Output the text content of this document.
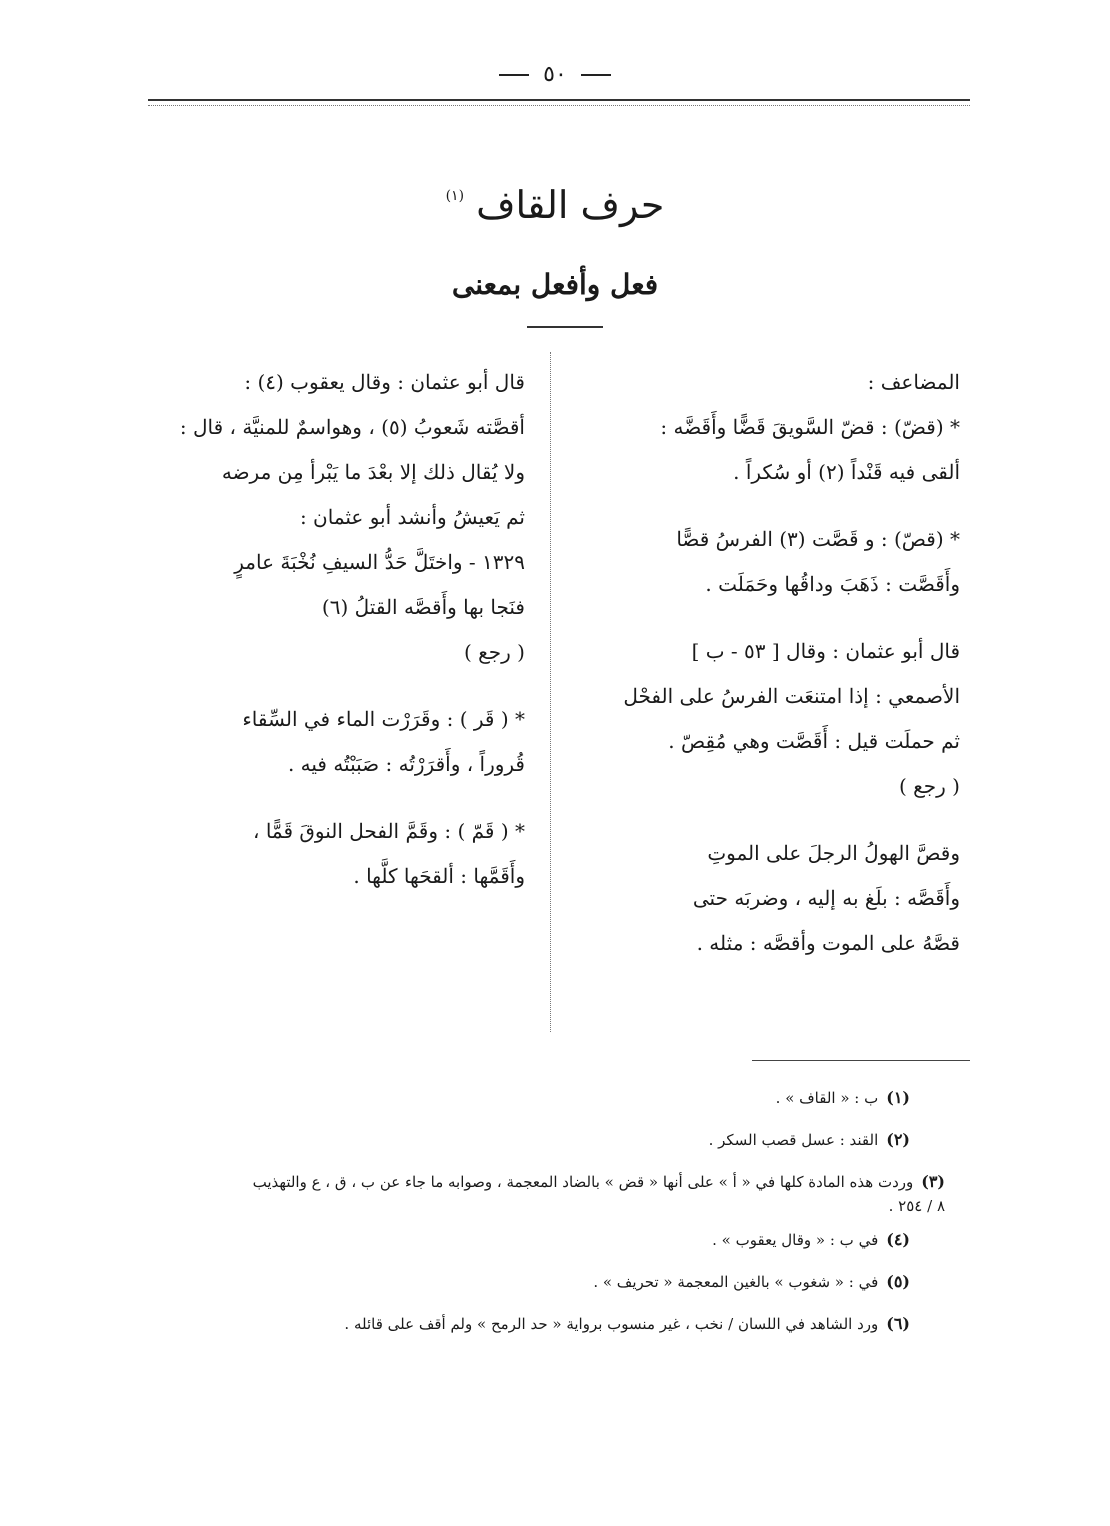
٥٠
حرف القاف $^{(١)}$
فعل وأفعل بمعنى
المضاعف :
* (قضّ) : قضّ السَّويقَ قَضًّا وأَقَضَّه :
ألقى فيه قَنْداً (٢) أو سُكراً .
* (قصّ) : و قَصَّت (٣) الفرسُ قصًّا
وأَقَصَّت : ذَهَبَ وداقُها وحَمَلَت .
قال أبو عثمان : وقال [ ٥٣ - ب ]
الأصمعي : إذا امتنعَت الفرسُ على الفحْل
ثم حملَت قيل : أَقَصَّت وهي مُقِصّ .
( رجع )
وقصَّ الهولُ الرجلَ على الموتِ
وأَقَصَّه : بلَغ به إليه ، وضربَه حتى
قصَّهُ على الموت وأقصَّه : مثله .
قال أبو عثمان : وقال يعقوب (٤) :
أقصَّته شَعوبُ (٥) ، وهواسمٌ للمنيَّة ، قال :
ولا يُقال ذلك إلا بعْدَ ما يَبْرأ مِن مرضه
ثم يَعيشُ وأنشد أبو عثمان :
١٣٢٩ - واختَلَّ حَدُّ السيفِ نُخْبَةَ عامرٍ
فنَجا بها وأَقصَّه القتلُ (٦)
( رجع )
* ( قَر ) : وقَرَرْت الماء في السِّقاء
قُروراً ، وأَقرَرْتُه : صَبَبْتُه فيه .
* ( قَمّ ) : وقَمَّ الفحل النوقَ قَمًّا ،
وأَقَمَّها : ألقحَها كلَّها .
(١)ب : « القاف » .
(٢)القند : عسل قصب السكر .
(٣)وردت هذه المادة كلها في « أ » على أنها « قض » بالضاد المعجمة ، وصوابه ما جاء عن ب ، ق ، ع والتهذيب
٨ / ٢٥٤ .
(٤)في ب : « وقال يعقوب » .
(٥)في : « شغوب » بالغين المعجمة « تحريف » .
(٦)ورد الشاهد في اللسان / نخب ، غير منسوب برواية « حد الرمح » ولم أقف على قائله .
